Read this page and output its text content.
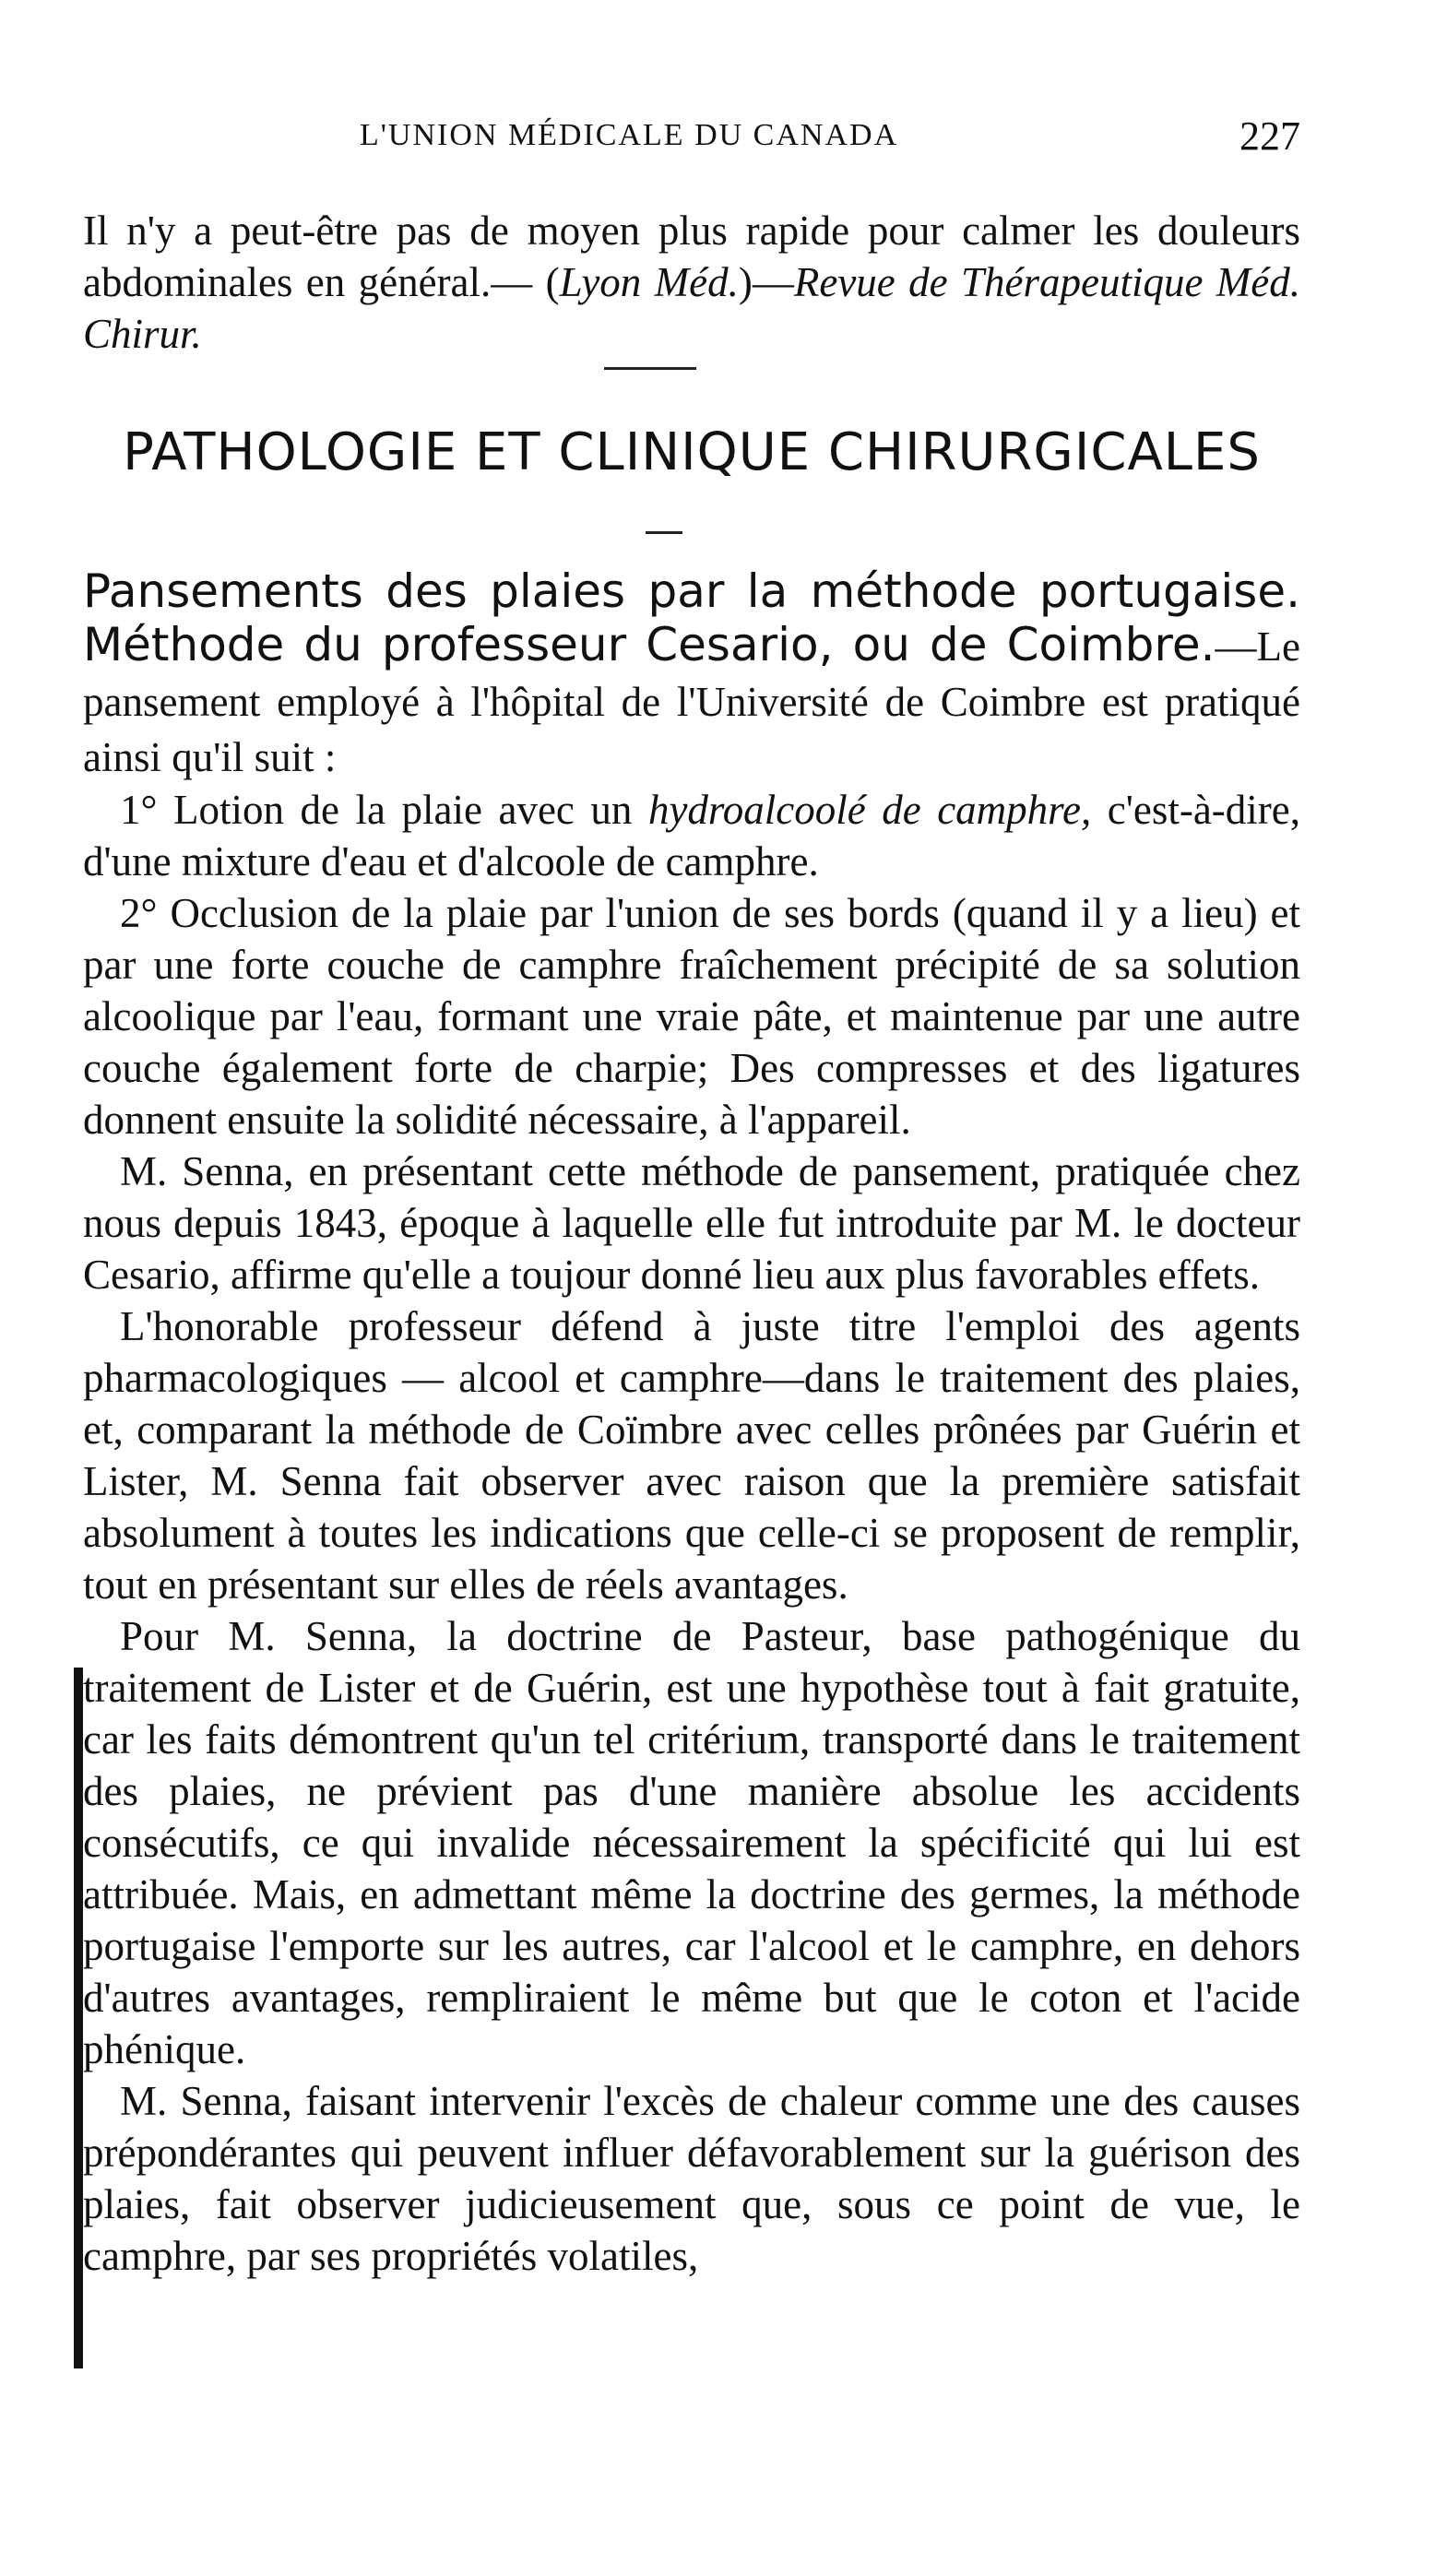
L'UNION MÉDICALE DU CANADA	227

Il n'y a peut-être pas de moyen plus rapide pour calmer les douleurs abdominales en général.— (Lyon Méd.)—Revue de Thérapeutique Méd. Chirur.

PATHOLOGIE ET CLINIQUE CHIRURGICALES
Pansements des plaies par la méthode portugaise. Méthode du professeur Cesario, ou de Coimbre.—Le pansement employé à l'hôpital de l'Université de Coimbre est pratiqué ainsi qu'il suit :

1° Lotion de la plaie avec un hydroalcoolé de camphre, c'est-à-dire, d'une mixture d'eau et d'alcoole de camphre.

2° Occlusion de la plaie par l'union de ses bords (quand il y a lieu) et par une forte couche de camphre fraîchement précipité de sa solution alcoolique par l'eau, formant une vraie pâte, et maintenue par une autre couche également forte de charpie; Des compresses et des ligatures donnent ensuite la solidité nécessaire, à l'appareil.

M. Senna, en présentant cette méthode de pansement, pratiquée chez nous depuis 1843, époque à laquelle elle fut introduite par M. le docteur Cesario, affirme qu'elle a toujour donné lieu aux plus favorables effets.

L'honorable professeur défend à juste titre l'emploi des agents pharmacologiques — alcool et camphre—dans le traitement des plaies, et, comparant la méthode de Coïmbre avec celles prônées par Guérin et Lister, M. Senna fait observer avec raison que la première satisfait absolument à toutes les indications que celle-ci se proposent de remplir, tout en présentant sur elles de réels avantages.

Pour M. Senna, la doctrine de Pasteur, base pathogénique du traitement de Lister et de Guérin, est une hypothèse tout à fait gratuite, car les faits démontrent qu'un tel critérium, transporté dans le traitement des plaies, ne prévient pas d'une manière absolue les accidents consécutifs, ce qui invalide nécessairement la spécificité qui lui est attribuée. Mais, en admettant même la doctrine des germes, la méthode portugaise l'emporte sur les autres, car l'alcool et le camphre, en dehors d'autres avantages, rempliraient le même but que le coton et l'acide phénique.

M. Senna, faisant intervenir l'excès de chaleur comme une des causes prépondérantes qui peuvent influer défavorablement sur la guérison des plaies, fait observer judicieusement que, sous ce point de vue, le camphre, par ses propriétés volatiles,
